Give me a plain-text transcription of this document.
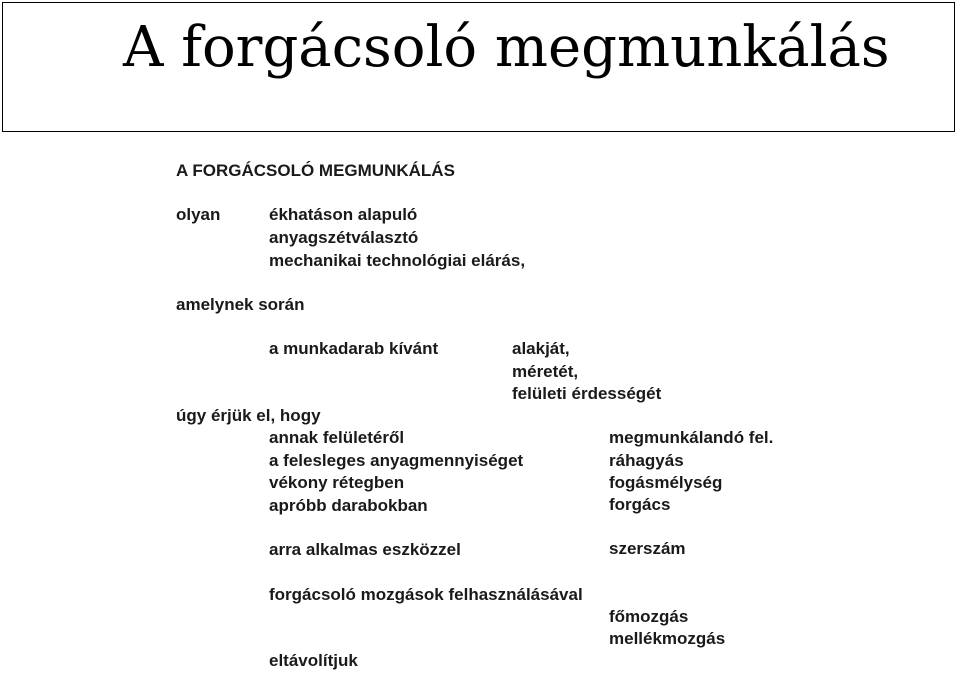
A forgácsoló megmunkálás
A FORGÁCSOLÓ MEGMUNKÁLÁS
olyan	ékhatáson alapuló
anyagszétválasztó
mechanikai technológiai elárás,
amelynek során
a munkadarab kívánt	alakját,
méretét,
felületi érdességét
úgy érjük el, hogy
annak felületéről
a felesleges anyagmennyiséget
vékony rétegben
apróbb darabokban
megmunkálandó fel.
ráhagyás
fogásmélység
forgács
arra alkalmas eszközzel	szerszám
forgácsoló mozgások felhasználásával
főmozgás
mellékmozgás
eltávolítjuk
